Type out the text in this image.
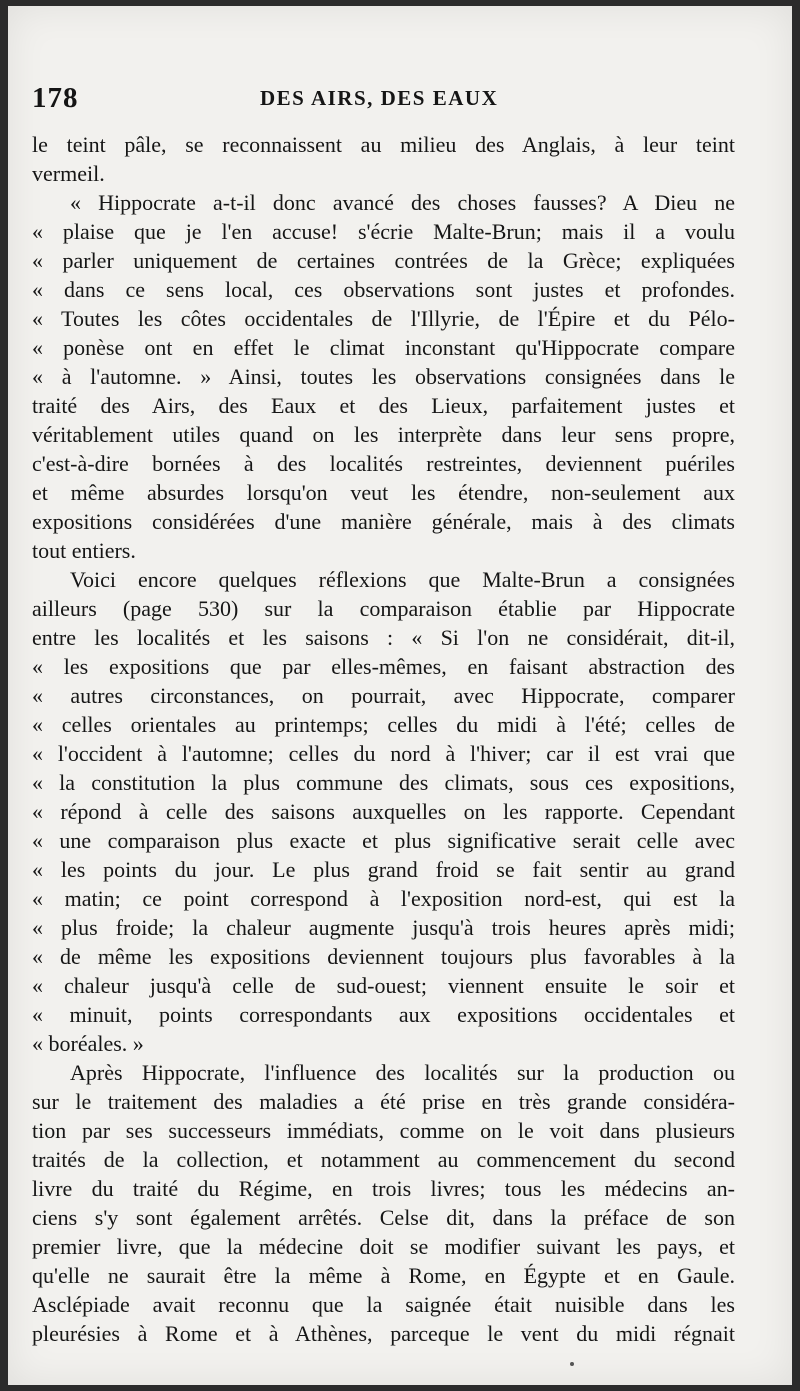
178	DES AIRS, DES EAUX
le teint pâle, se reconnaissent au milieu des Anglais, à leur teint
vermeil.
« Hippocrate a-t-il donc avancé des choses fausses? A Dieu ne
« plaise que je l'en accuse! s'écrie Malte-Brun; mais il a voulu
« parler uniquement de certaines contrées de la Grèce; expliquées
« dans ce sens local, ces observations sont justes et profondes.
« Toutes les côtes occidentales de l'Illyrie, de l'Épire et du Pélo-
« ponèse ont en effet le climat inconstant qu'Hippocrate compare
« à l'automne. » Ainsi, toutes les observations consignées dans le
traité des Airs, des Eaux et des Lieux, parfaitement justes et
véritablement utiles quand on les interprète dans leur sens propre,
c'est-à-dire bornées à des localités restreintes, deviennent puériles
et même absurdes lorsqu'on veut les étendre, non-seulement aux
expositions considérées d'une manière générale, mais à des climats
tout entiers.
Voici encore quelques réflexions que Malte-Brun a consignées
ailleurs (page 530) sur la comparaison établie par Hippocrate
entre les localités et les saisons : « Si l'on ne considérait, dit-il,
« les expositions que par elles-mêmes, en faisant abstraction des
« autres circonstances, on pourrait, avec Hippocrate, comparer
« celles orientales au printemps; celles du midi à l'été; celles de
« l'occident à l'automne; celles du nord à l'hiver; car il est vrai que
« la constitution la plus commune des climats, sous ces expositions,
« répond à celle des saisons auxquelles on les rapporte. Cependant
« une comparaison plus exacte et plus significative serait celle avec
« les points du jour. Le plus grand froid se fait sentir au grand
« matin; ce point correspond à l'exposition nord-est, qui est la
« plus froide; la chaleur augmente jusqu'à trois heures après midi;
« de même les expositions deviennent toujours plus favorables à la
« chaleur jusqu'à celle de sud-ouest; viennent ensuite le soir et
« minuit, points correspondants aux expositions occidentales et
« boréales. »
Après Hippocrate, l'influence des localités sur la production ou
sur le traitement des maladies a été prise en très grande considéra-
tion par ses successeurs immédiats, comme on le voit dans plusieurs
traités de la collection, et notamment au commencement du second
livre du traité du Régime, en trois livres; tous les médecins an-
ciens s'y sont également arrêtés. Celse dit, dans la préface de son
premier livre, que la médecine doit se modifier suivant les pays, et
qu'elle ne saurait être la même à Rome, en Égypte et en Gaule.
Asclépiade avait reconnu que la saignée était nuisible dans les
pleurésies à Rome et à Athènes, parceque le vent du midi régnait
